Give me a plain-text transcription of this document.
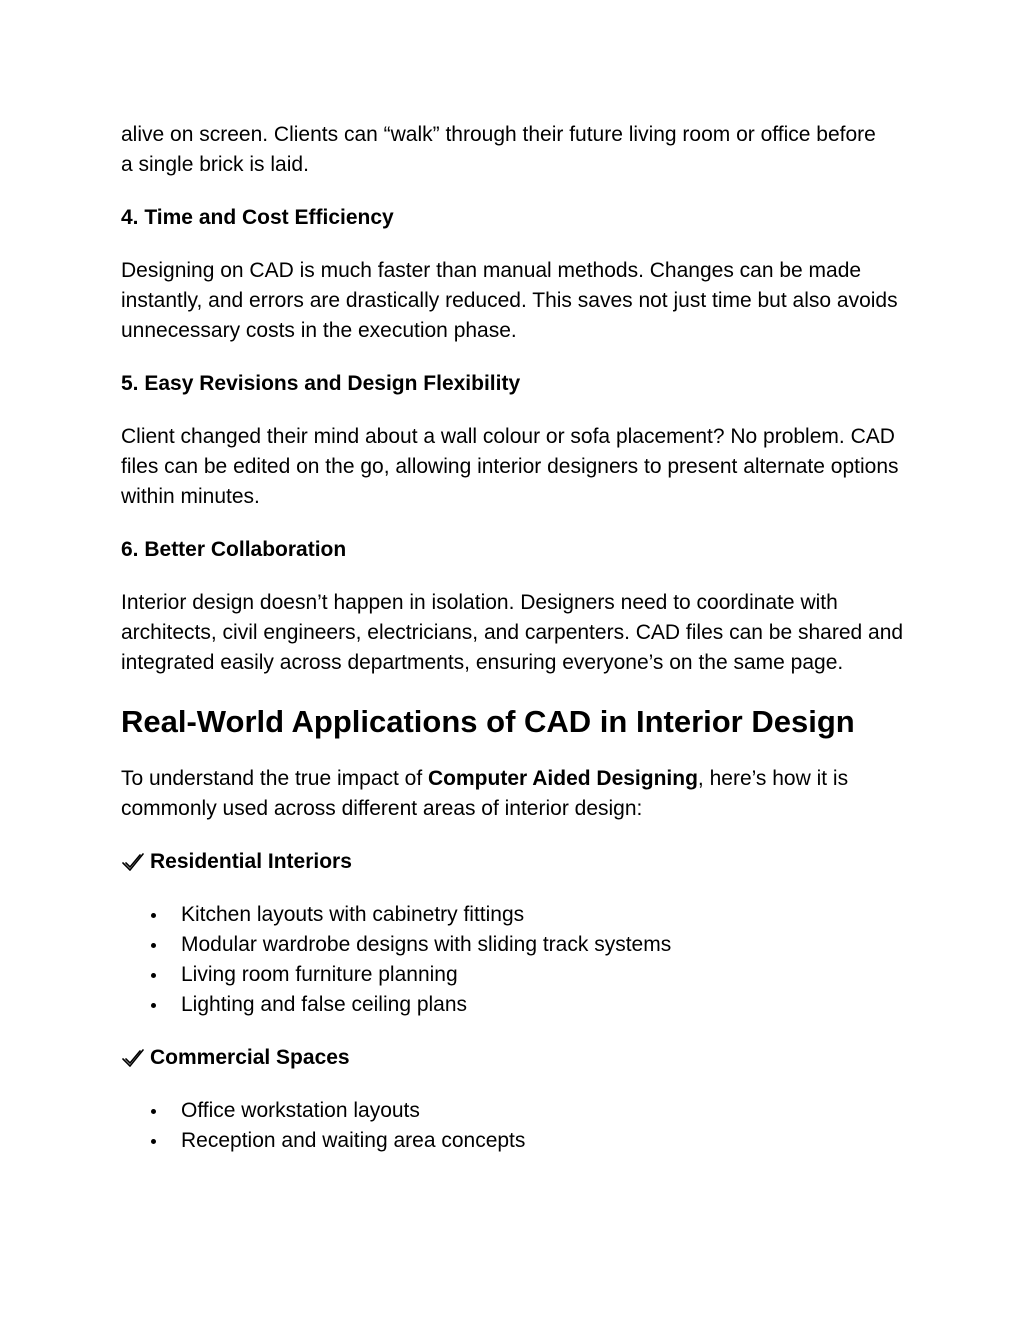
alive on screen. Clients can “walk” through their future living room or office before a single brick is laid.

4. Time and Cost Efficiency

Designing on CAD is much faster than manual methods. Changes can be made instantly, and errors are drastically reduced. This saves not just time but also avoids unnecessary costs in the execution phase.

5. Easy Revisions and Design Flexibility

Client changed their mind about a wall colour or sofa placement? No problem. CAD files can be edited on the go, allowing interior designers to present alternate options within minutes.

6. Better Collaboration

Interior design doesn’t happen in isolation. Designers need to coordinate with architects, civil engineers, electricians, and carpenters. CAD files can be shared and integrated easily across departments, ensuring everyone’s on the same page.

Real-World Applications of CAD in Interior Design

To understand the true impact of Computer Aided Designing, here’s how it is commonly used across different areas of interior design:

Residential Interiors
Kitchen layouts with cabinetry fittings
Modular wardrobe designs with sliding track systems
Living room furniture planning
Lighting and false ceiling plans
Commercial Spaces
Office workstation layouts
Reception and waiting area concepts
